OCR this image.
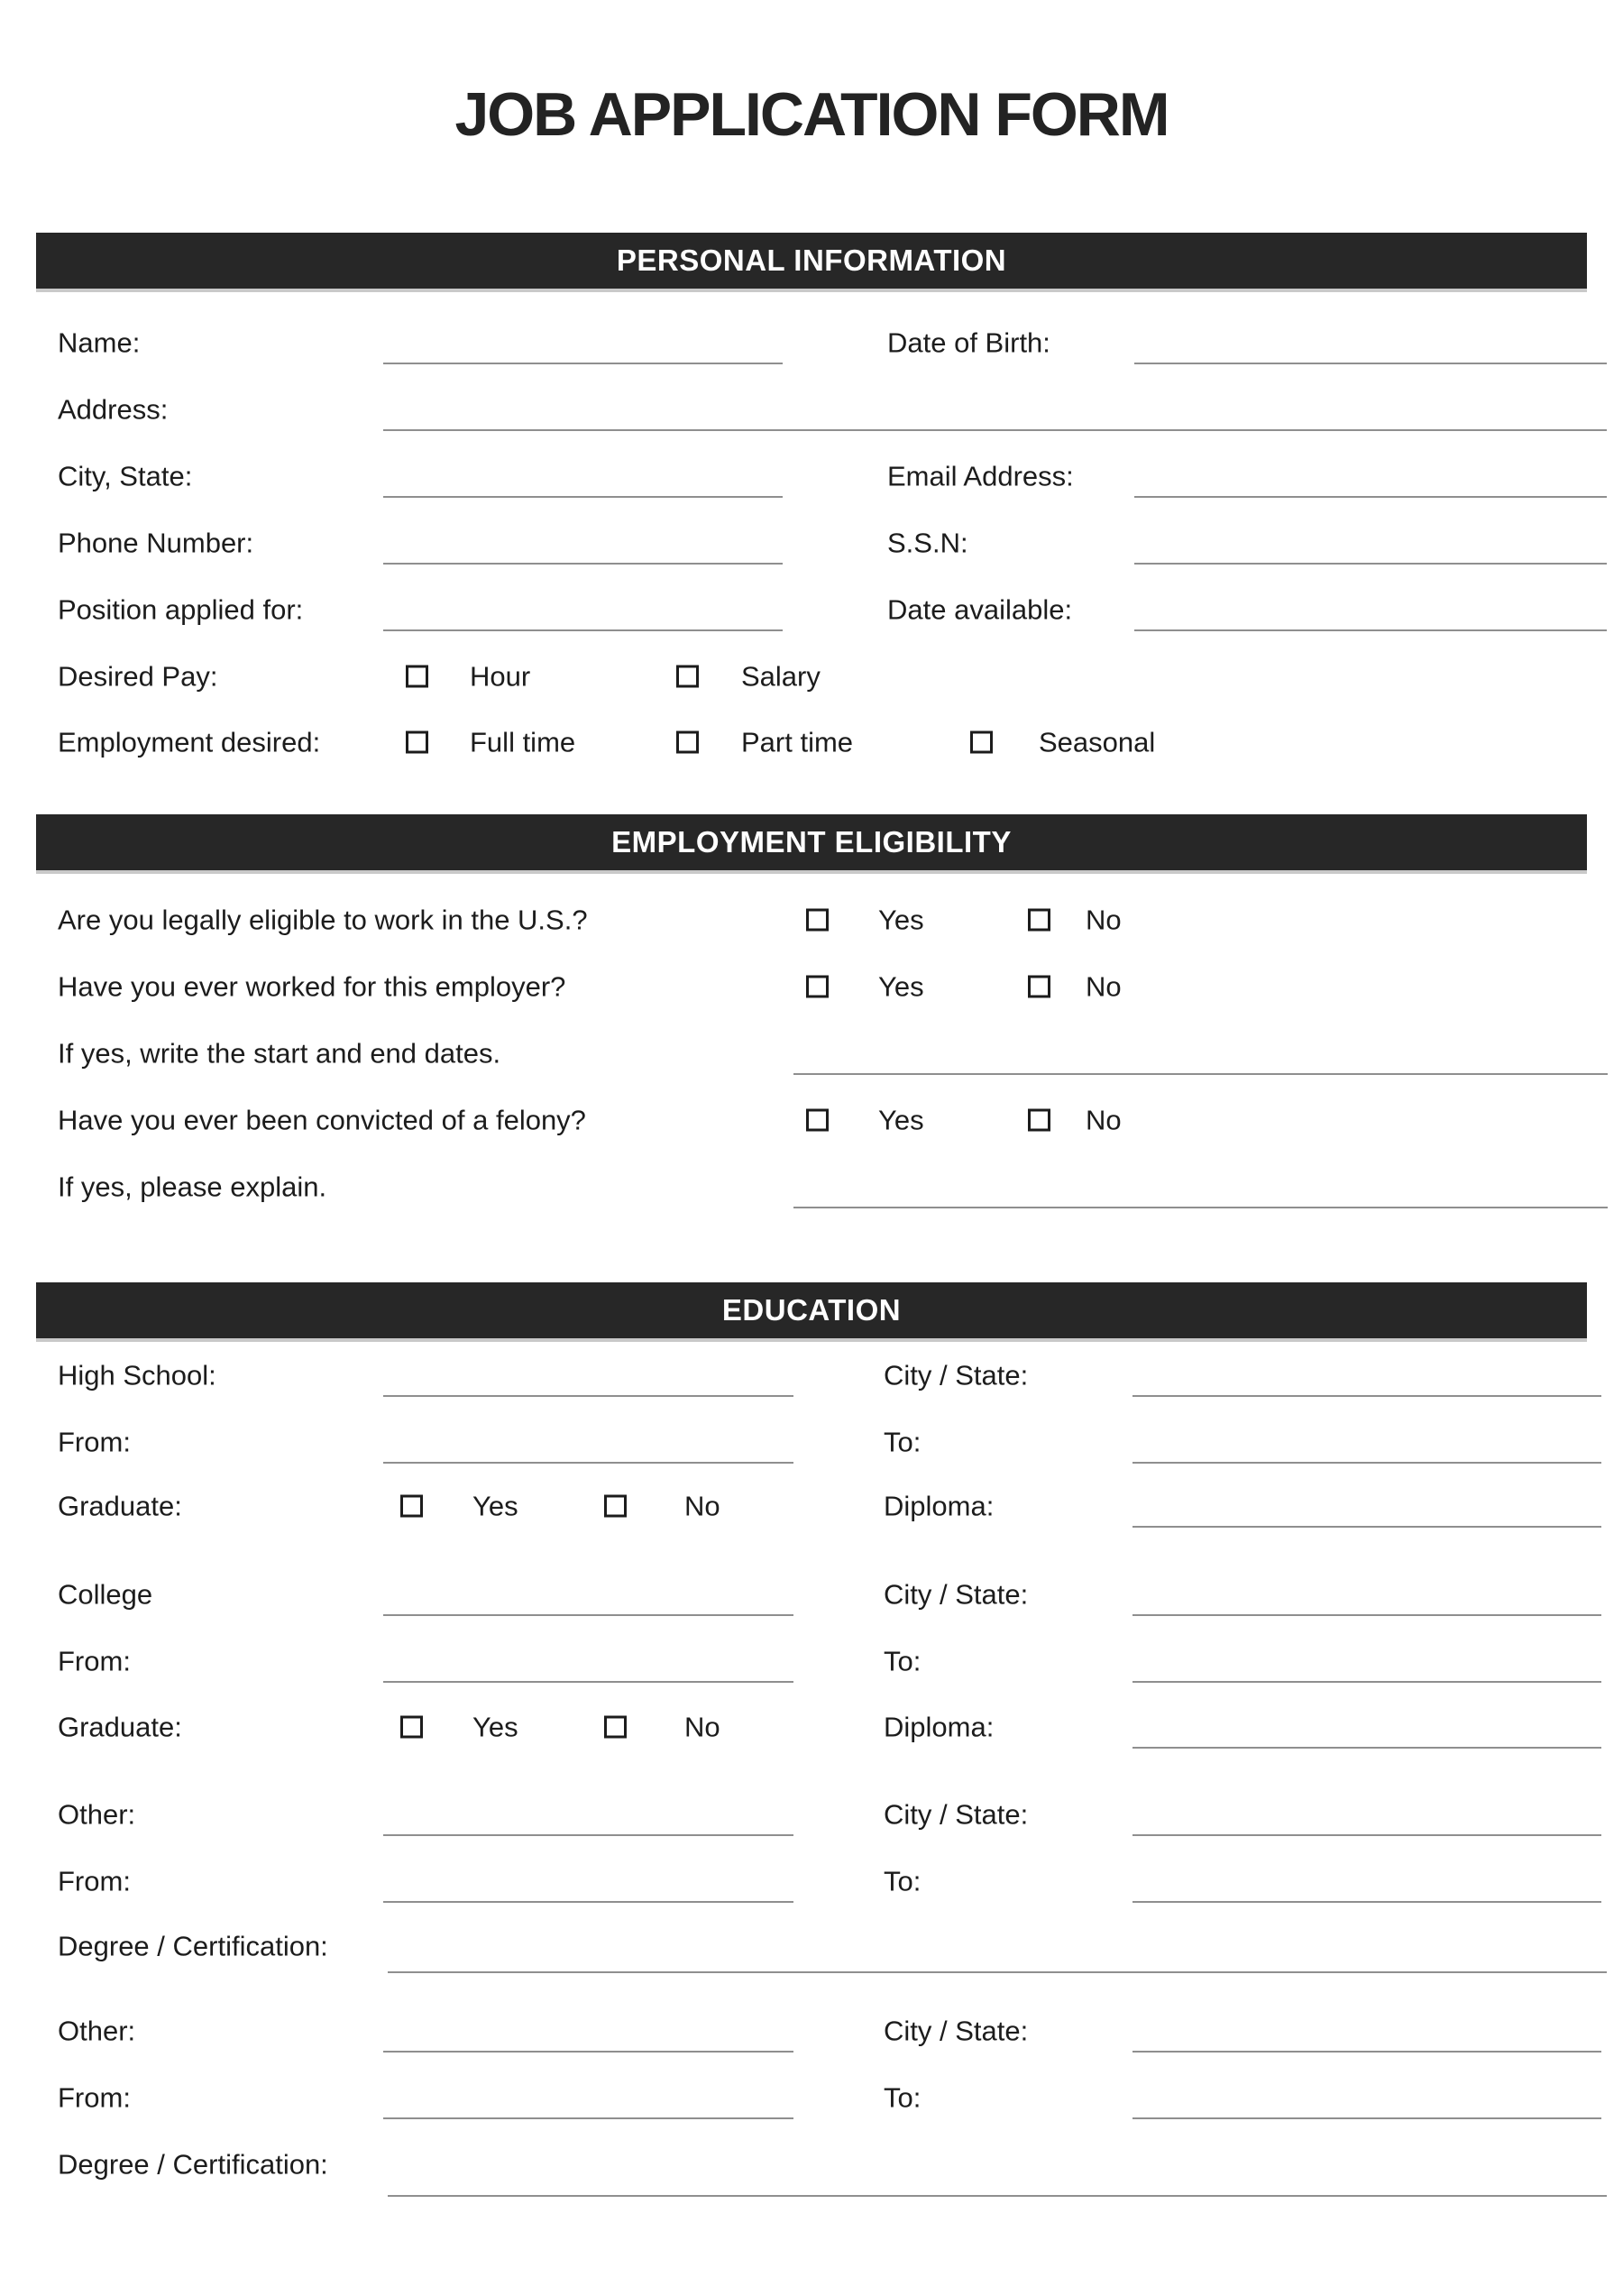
JOB APPLICATION FORM
PERSONAL INFORMATION
Name:	Date of Birth:
Address:
City, State:	Email Address:
Phone Number:	S.S.N:
Position applied for:	Date available:
Desired Pay:	Hour	Salary
Employment desired:	Full time	Part time	Seasonal
EMPLOYMENT ELIGIBILITY
Are you legally eligible to work in the U.S.?	Yes	No
Have you ever worked for this employer?	Yes	No
If yes, write the start and end dates.
Have you ever been convicted of a felony?	Yes	No
If yes, please explain.
EDUCATION
High School:	City / State:
From:	To:
Graduate:	Yes	No	Diploma:
College	City / State:
From:	To:
Graduate:	Yes	No	Diploma:
Other:	City / State:
From:	To:
Degree / Certification:
Other:	City / State:
From:	To:
Degree / Certification:
